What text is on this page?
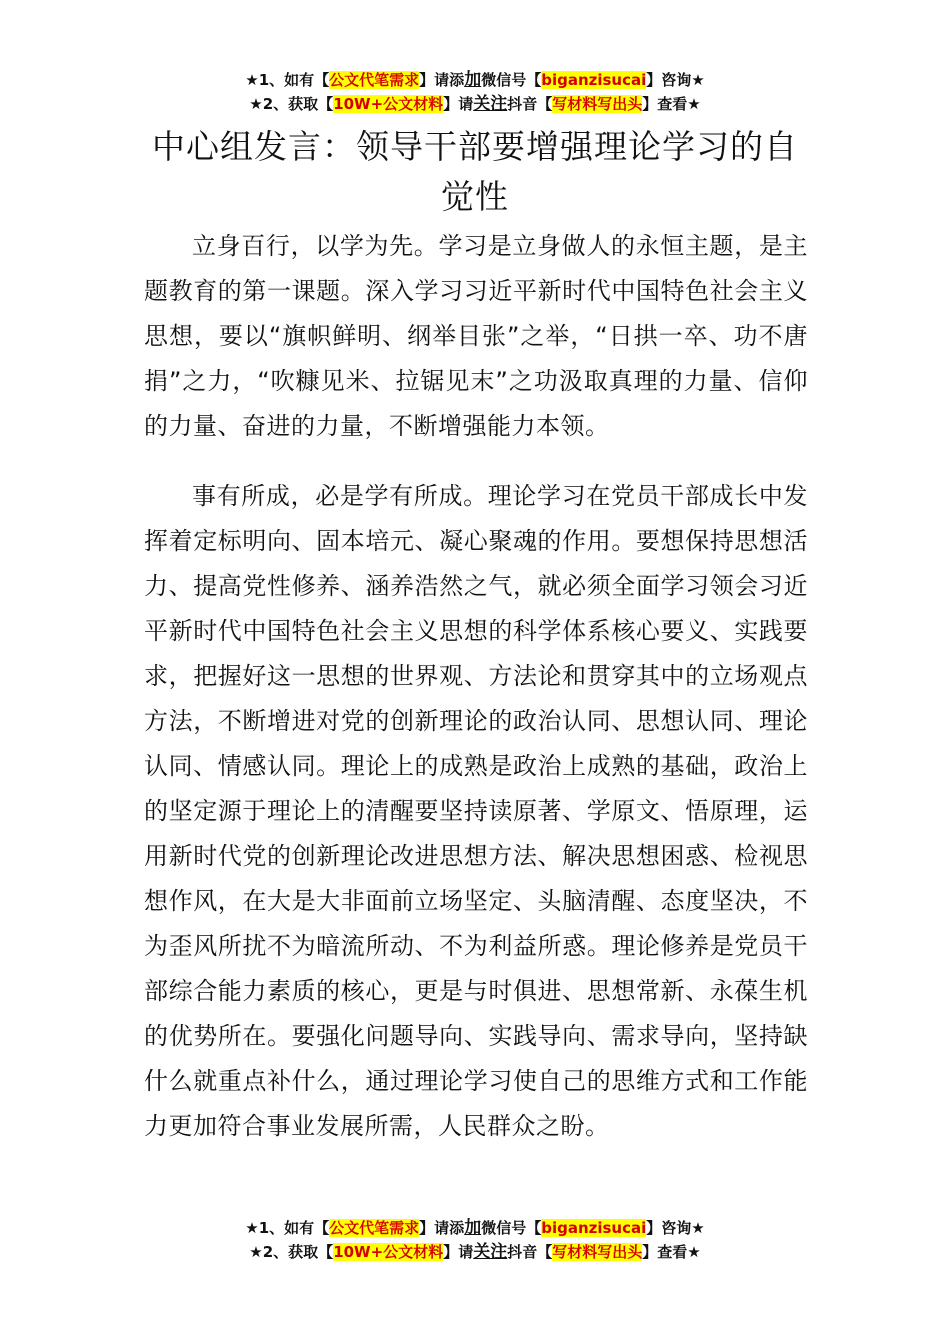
★1、如有【公文代笔需求】请添加微信号【biganzisucai】咨询★
★2、获取【10W+公文材料】请关注抖音【写材料写出头】查看★
中心组发言：领导干部要增强理论学习的自觉性

立身百行，以学为先。学习是立身做人的永恒主题，是主题教育的第一课题。深入学习习近平新时代中国特色社会主义思想，要以“旗帜鲜明、纲举目张”之举，“日拱一卒、功不唐捐”之力，“吹糠见米、拉锯见末”之功汲取真理的力量、信仰的力量、奋进的力量，不断增强能力本领。

事有所成，必是学有所成。理论学习在党员干部成长中发挥着定标明向、固本培元、凝心聚魂的作用。要想保持思想活力、提高党性修养、涵养浩然之气，就必须全面学习领会习近平新时代中国特色社会主义思想的科学体系核心要义、实践要求，把握好这一思想的世界观、方法论和贯穿其中的立场观点方法，不断增进对党的创新理论的政治认同、思想认同、理论认同、情感认同。理论上的成熟是政治上成熟的基础，政治上的坚定源于理论上的清醒要坚持读原著、学原文、悟原理，运用新时代党的创新理论改进思想方法、解决思想困惑、检视思想作风，在大是大非面前立场坚定、头脑清醒、态度坚决，不为歪风所扰不为暗流所动、不为利益所惑。理论修养是党员干部综合能力素质的核心，更是与时俱进、思想常新、永葆生机的优势所在。要强化问题导向、实践导向、需求导向，坚持缺什么就重点补什么，通过理论学习使自己的思维方式和工作能力更加符合事业发展所需，人民群众之盼。

★1、如有【公文代笔需求】请添加微信号【biganzisucai】咨询★
★2、获取【10W+公文材料】请关注抖音【写材料写出头】查看★
